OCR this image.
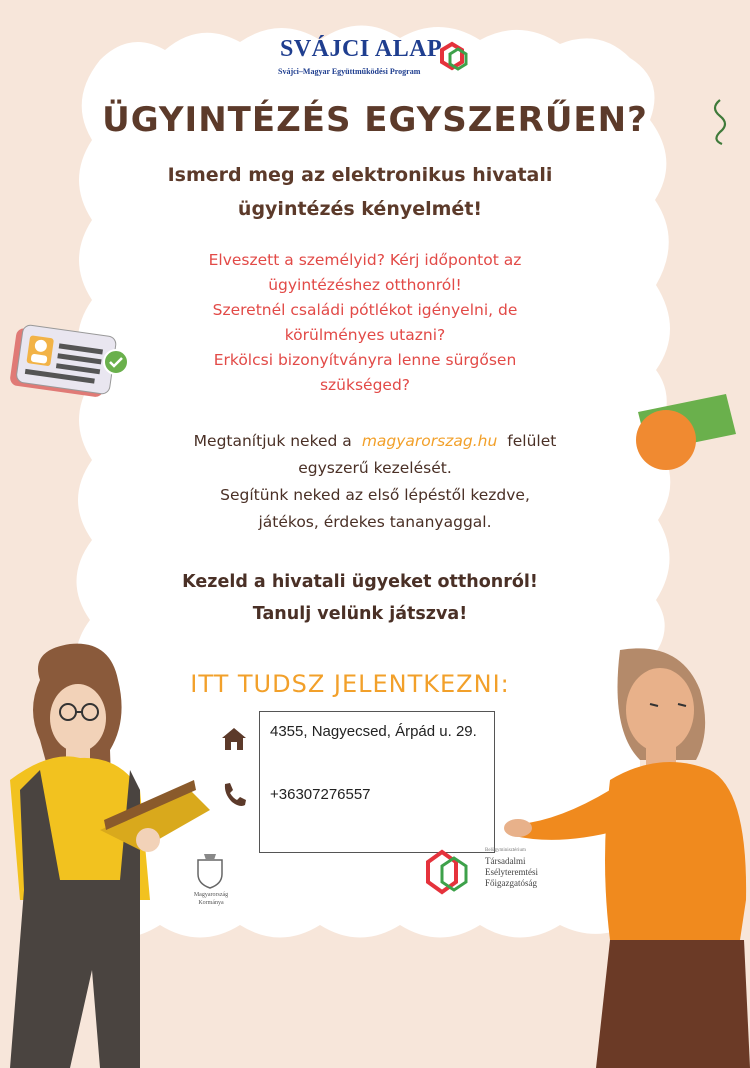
SVÁJCI ALAP
Svájci–Magyar Együttműködési Program
ÜGYINTÉZÉS EGYSZERŰEN?
Ismerd meg az elektronikus hivatali
ügyintézés kényelmét!
Elveszett a személyid? Kérj időpontot az
ügyintézéshez otthonról!
Szeretnél családi pótlékot igényelni, de
körülményes utazni?
Erkölcsi bizonyítványra lenne sürgősen
szükséged?
Megtanítjuk neked a magyarorszag.hu felület
egyszerű kezelését.
Segítünk neked az első lépéstől kezdve,
játékos, érdekes tananyaggal.
Kezeld a hivatali ügyeket otthonról!
Tanulj velünk játszva!
ITT TUDSZ JELENTKEZNI:
4355, Nagyecsed, Árpád u. 29.
+36307276557
Magyarország
Kormánya
Belügyminisztérium
Társadalmi
Esélyteremtési
Főigazgatóság
